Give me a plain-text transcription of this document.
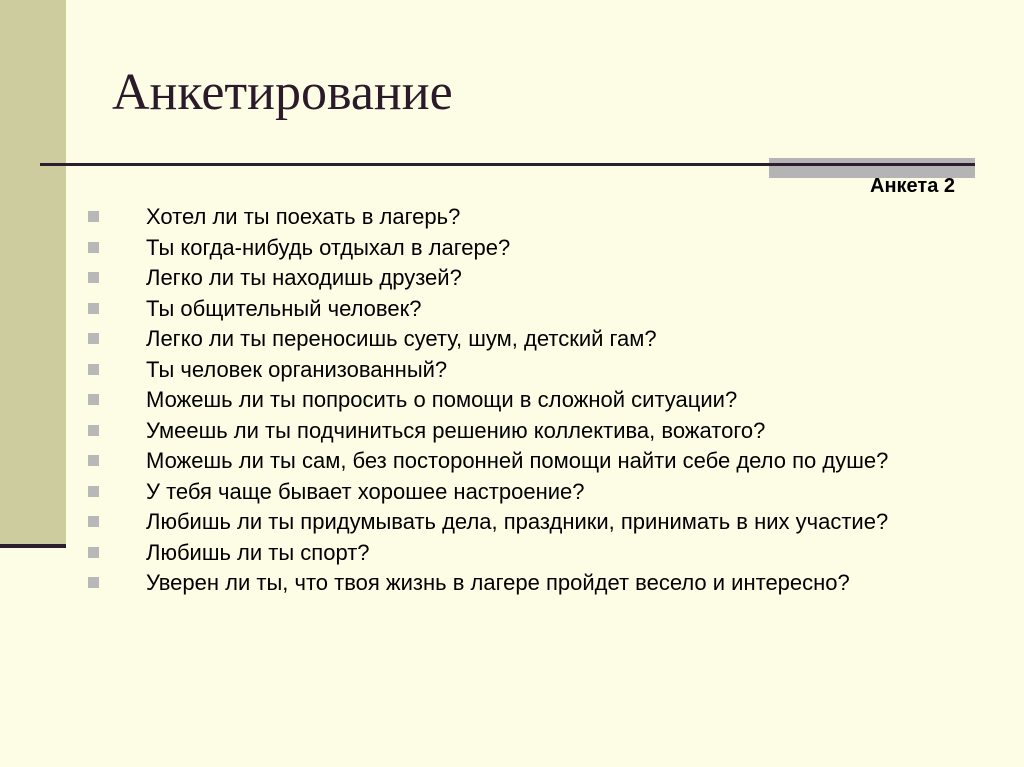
Анкетирование

Анкета 2

Хотел ли ты поехать в лагерь?
Ты когда-нибудь отдыхал в лагере?
Легко ли ты находишь друзей?
Ты общительный человек?
Легко ли ты переносишь суету, шум, детский гам?
Ты человек организованный?
Можешь ли ты попросить о помощи в сложной ситуации?
Умеешь ли ты подчиниться решению коллектива, вожатого?
Можешь ли ты сам, без посторонней помощи найти себе дело по душе?
У тебя чаще бывает хорошее настроение?
Любишь ли ты придумывать дела, праздники, принимать в них участие?
Любишь ли ты спорт?
Уверен ли ты, что твоя жизнь в лагере пройдет весело и интересно?
